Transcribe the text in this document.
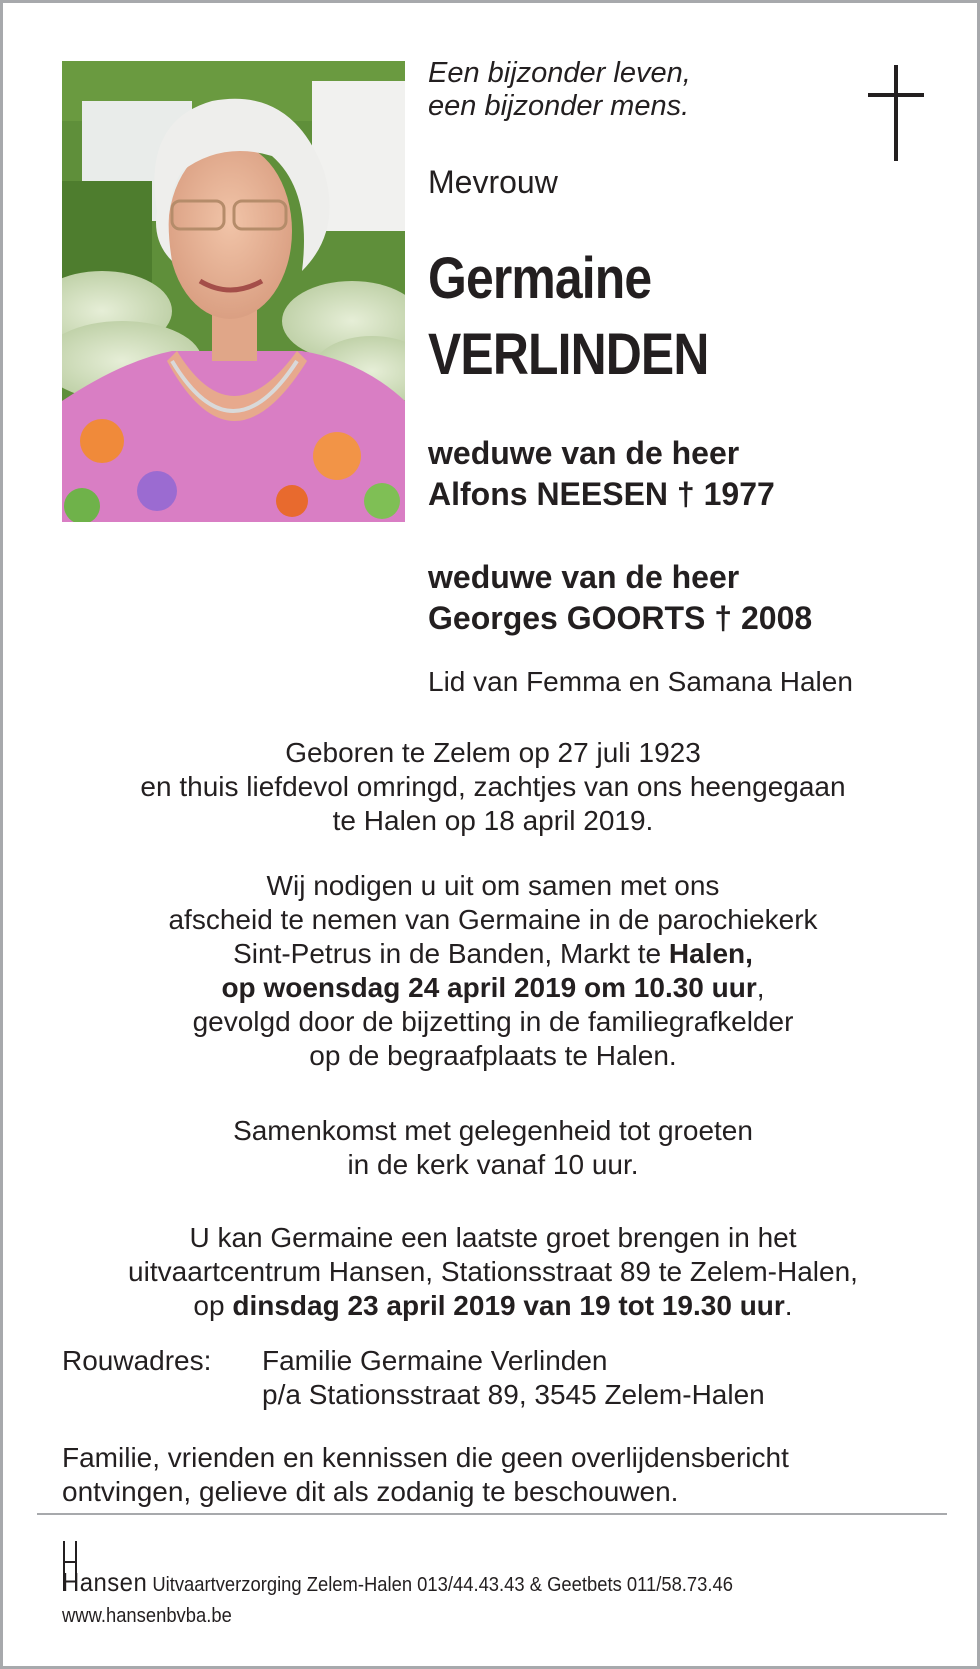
Een bijzonder leven,
een bijzonder mens.
Mevrouw
Germaine
VERLINDEN
weduwe van de heer
Alfons NEESEN † 1977
weduwe van de heer
Georges GOORTS † 2008
Lid van Femma en Samana Halen
Geboren te Zelem op 27 juli 1923
en thuis liefdevol omringd, zachtjes van ons heengegaan
te Halen op 18 april 2019.
Wij nodigen u uit om samen met ons
afscheid te nemen van Germaine in de parochiekerk
Sint-Petrus in de Banden, Markt te Halen,
op woensdag 24 april 2019 om 10.30 uur,
gevolgd door de bijzetting in de familiegrafkelder
op de begraafplaats te Halen.
Samenkomst met gelegenheid tot groeten
in de kerk vanaf 10 uur.
U kan Germaine een laatste groet brengen in het
uitvaartcentrum Hansen, Stationsstraat 89 te Zelem-Halen,
op dinsdag 23 april 2019 van 19 tot 19.30 uur.
Rouwadres: Familie Germaine Verlinden
p/a Stationsstraat 89, 3545 Zelem-Halen
Familie, vrienden en kennissen die geen overlijdensbericht
ontvingen, gelieve dit als zodanig te beschouwen.
Hansen Uitvaartverzorging Zelem-Halen 013/44.43.43 & Geetbets 011/58.73.46
www.hansenbvba.be
